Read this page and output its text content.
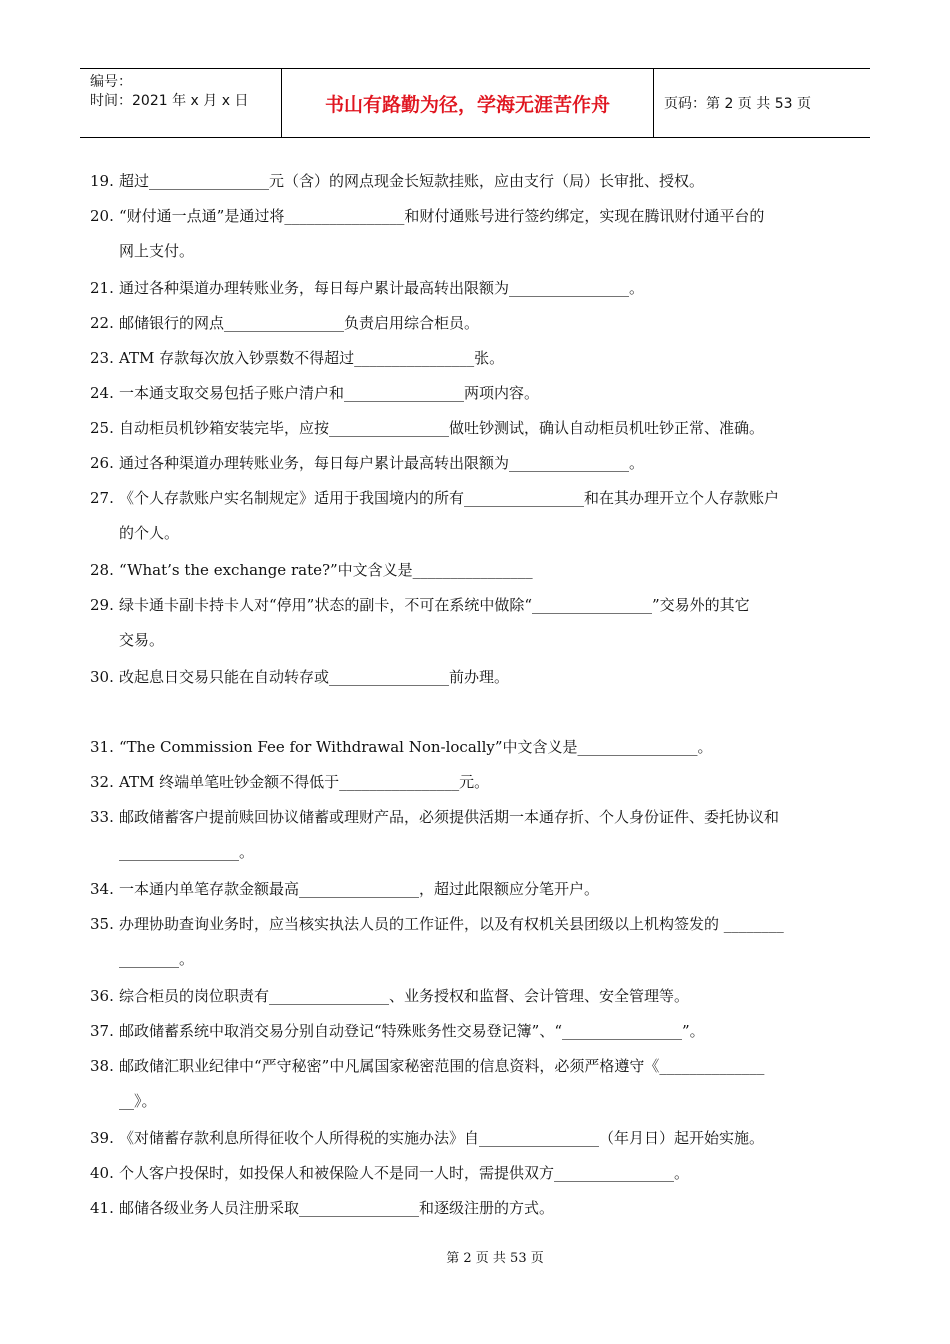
编号：
时间：2021 年 x 月 x 日	书山有路勤为径，学海无涯苦作舟	页码：第 2 页 共 53 页
19. 超过________________元（含）的网点现金长短款挂账，应由支行（局）长审批、授权。
20. “财付通一点通”是通过将________________和财付通账号进行签约绑定，实现在腾讯财付通平台的
网上支付。
21. 通过各种渠道办理转账业务，每日每户累计最高转出限额为________________。
22. 邮储银行的网点________________负责启用综合柜员。
23. ATM 存款每次放入钞票数不得超过________________张。
24. 一本通支取交易包括子账户清户和________________两项内容。
25. 自动柜员机钞箱安装完毕，应按________________做吐钞测试，确认自动柜员机吐钞正常、准确。
26. 通过各种渠道办理转账业务，每日每户累计最高转出限额为________________。
27. 《个人存款账户实名制规定》适用于我国境内的所有________________和在其办理开立个人存款账户
的个人。
28. “What’s the exchange rate?”中文含义是________________
29. 绿卡通卡副卡持卡人对“停用”状态的副卡，不可在系统中做除“________________”交易外的其它
交易。
30. 改起息日交易只能在自动转存或________________前办理。
31. “The Commission Fee for Withdrawal Non-locally”中文含义是________________。
32. ATM 终端单笔吐钞金额不得低于________________元。
33. 邮政储蓄客户提前赎回协议储蓄或理财产品，必须提供活期一本通存折、个人身份证件、委托协议和
________________。
34. 一本通内单笔存款金额最高________________，超过此限额应分笔开户。
35. 办理协助查询业务时，应当核实执法人员的工作证件，以及有权机关县团级以上机构签发的 ________
________。
36. 综合柜员的岗位职责有________________、业务授权和监督、会计管理、安全管理等。
37. 邮政储蓄系统中取消交易分别自动登记“特殊账务性交易登记簿”、“________________”。
38. 邮政储汇职业纪律中“严守秘密”中凡属国家秘密范围的信息资料，必须严格遵守《______________
__》。
39. 《对储蓄存款利息所得征收个人所得税的实施办法》自________________（年月日）起开始实施。
40. 个人客户投保时，如投保人和被保险人不是同一人时，需提供双方________________。
41. 邮储各级业务人员注册采取________________和逐级注册的方式。
第 2 页 共 53 页
